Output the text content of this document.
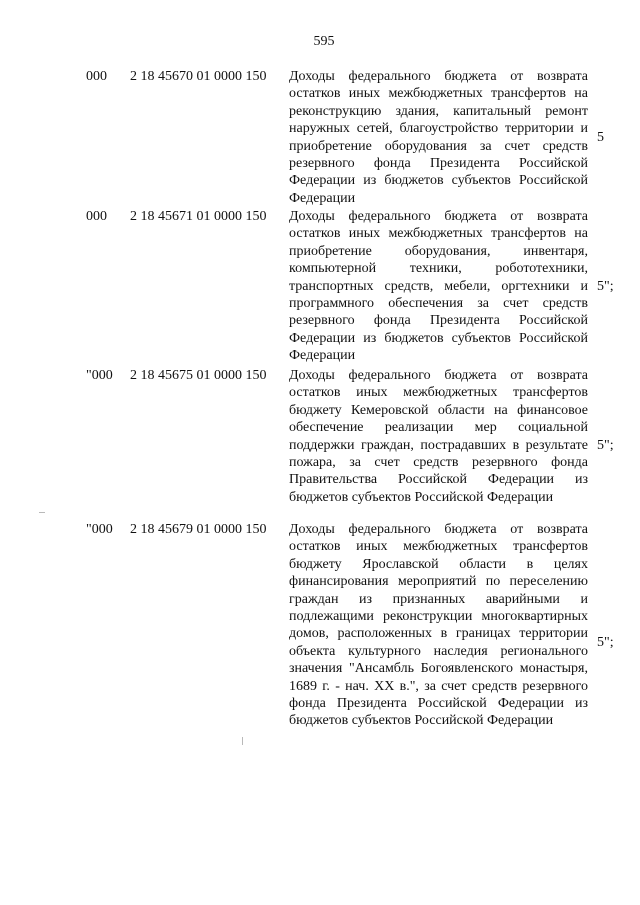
595
000 2 18 45670 01 0000 150 Доходы федерального бюджета от возврата остатков иных межбюджетных трансфертов на реконструкцию здания, капитальный ремонт наружных сетей, благоустройство территории и приобретение оборудования за счет средств резервного фонда Президента Российской Федерации из бюджетов субъектов Российской Федерации
5
000 2 18 45671 01 0000 150 Доходы федерального бюджета от возврата остатков иных межбюджетных трансфертов на приобретение оборудования, инвентаря, компьютерной техники, робототехники, транспортных средств, мебели, оргтехники и программного обеспечения за счет средств резервного фонда Президента Российской Федерации из бюджетов субъектов Российской Федерации
5";
"000 2 18 45675 01 0000 150 Доходы федерального бюджета от возврата остатков иных межбюджетных трансфертов бюджету Кемеровской области на финансовое обеспечение реализации мер социальной поддержки граждан, пострадавших в результате пожара, за счет средств резервного фонда Правительства Российской Федерации из бюджетов субъектов Российской Федерации
5";
"000 2 18 45679 01 0000 150 Доходы федерального бюджета от возврата остатков иных межбюджетных трансфертов бюджету Ярославской области в целях финансирования мероприятий по переселению граждан из признанных аварийными и подлежащими реконструкции многоквартирных домов, расположенных в границах территории объекта культурного наследия регионального значения "Ансамбль Богоявленского монастыря, 1689 г. - нач. XX в.", за счет средств резервного фонда Президента Российской Федерации из бюджетов субъектов Российской Федерации
5";
